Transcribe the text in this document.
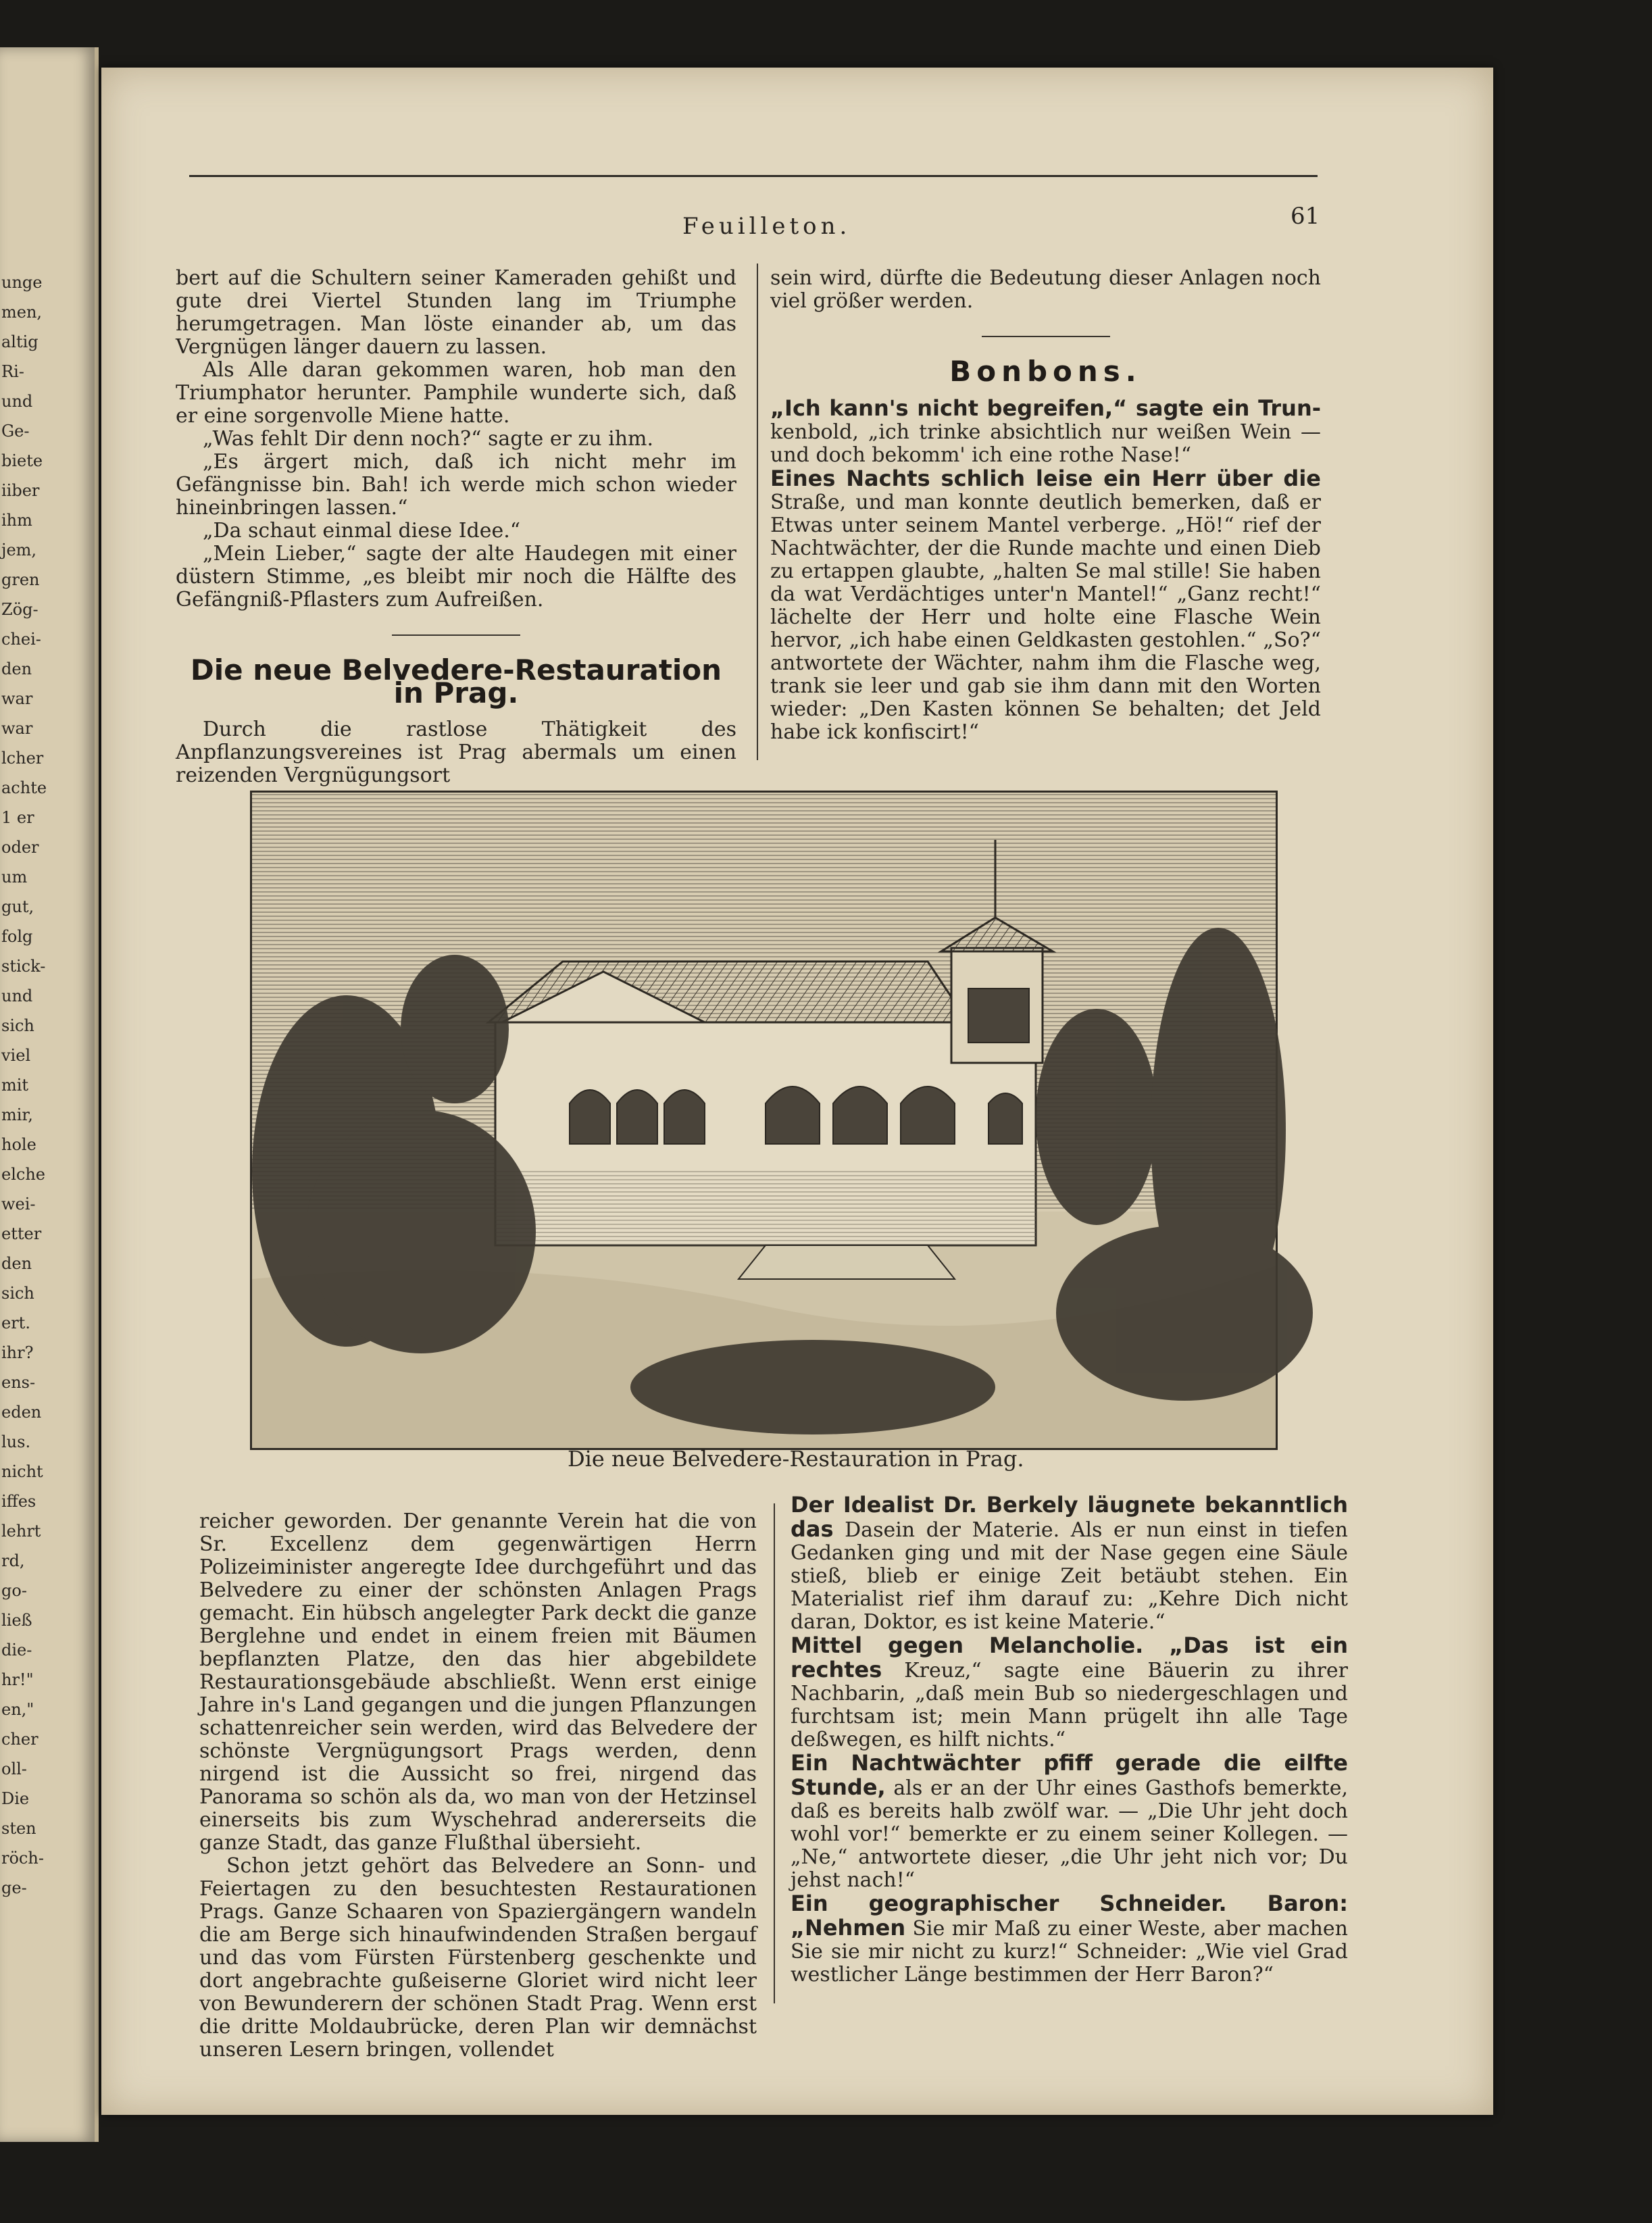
unge
men,
altig
Ri-
und
Ge-
biete
iiber
ihm
jem,
gren
Zög-
chei-
den
war
war
lcher
achte
1 er
oder
um
gut,
folg
stick-
und
sich
viel
mit
mir,
hole
elche
wei-
etter
den
sich
ert.
ihr?
ens-
eden
lus.
nicht
iffes
lehrt
rd,
go-
ließ
die-
hr!"
en,"
cher
oll-
Die
sten
röch-
ge-
Feuilleton.	61

bert auf die Schultern seiner Kameraden gehißt und gute drei Viertel Stunden lang im Triumphe herumgetragen. Man löste einander ab, um das Vergnügen länger dauern zu lassen.

Als Alle daran gekommen waren, hob man den Triumphator herunter. Pamphile wunderte sich, daß er eine sorgenvolle Miene hatte.

„Was fehlt Dir denn noch?“ sagte er zu ihm.

„Es ärgert mich, daß ich nicht mehr im Gefängnisse bin. Bah! ich werde mich schon wieder hineinbringen lassen.“

„Da schaut einmal diese Idee.“

„Mein Lieber,“ sagte der alte Haudegen mit einer düstern Stimme, „es bleibt mir noch die Hälfte des Gefängniß-Pflasters zum Aufreißen.

Die neue Belvedere-Restauration in Prag.

Durch die rastlose Thätigkeit des Anpflanzungsvereines ist Prag abermals um einen reizenden Vergnügungsort

sein wird, dürfte die Bedeutung dieser Anlagen noch viel größer werden.

Bonbons.

„Ich kann's nicht begreifen,“ sagte ein Trun- kenbold, „ich trinke absichtlich nur weißen Wein — und doch bekomm' ich eine rothe Nase!“

Eines Nachts schlich leise ein Herr über die Straße, und man konnte deutlich bemerken, daß er Etwas unter seinem Mantel verberge. „Hö!“ rief der Nachtwächter, der die Runde machte und einen Dieb zu ertappen glaubte, „halten Se mal stille! Sie haben da wat Verdächtiges unter'n Mantel!“ „Ganz recht!“ lächelte der Herr und holte eine Flasche Wein hervor, „ich habe einen Geldkasten gestohlen.“ „So?“ antwortete der Wächter, nahm ihm die Flasche weg, trank sie leer und gab sie ihm dann mit den Worten wieder: „Den Kasten können Se behalten; det Jeld habe ick konfiscirt!“

Die neue Belvedere-Restauration in Prag.

reicher geworden. Der genannte Verein hat die von Sr. Excellenz dem gegenwärtigen Herrn Polizeiminister angeregte Idee durchgeführt und das Belvedere zu einer der schönsten Anlagen Prags gemacht. Ein hübsch angelegter Park deckt die ganze Berglehne und endet in einem freien mit Bäumen bepflanzten Platze, den das hier abgebildete Restaurationsgebäude abschließt. Wenn erst einige Jahre in's Land gegangen und die jungen Pflanzungen schattenreicher sein werden, wird das Belvedere der schönste Vergnügungsort Prags werden, denn nirgend ist die Aussicht so frei, nirgend das Panorama so schön als da, wo man von der Hetzinsel einerseits bis zum Wyschehrad andererseits die ganze Stadt, das ganze Flußthal übersieht.

Schon jetzt gehört das Belvedere an Sonn- und Feiertagen zu den besuchtesten Restaurationen Prags. Ganze Schaaren von Spaziergängern wandeln die am Berge sich hinaufwindenden Straßen bergauf und das vom Fürsten Fürstenberg geschenkte und dort angebrachte gußeiserne Gloriet wird nicht leer von Bewunderern der schönen Stadt Prag. Wenn erst die dritte Moldaubrücke, deren Plan wir demnächst unseren Lesern bringen, vollendet

Der Idealist Dr. Berkely läugnete bekanntlich das Dasein der Materie. Als er nun einst in tiefen Gedanken ging und mit der Nase gegen eine Säule stieß, blieb er einige Zeit betäubt stehen. Ein Materialist rief ihm darauf zu: „Kehre Dich nicht daran, Doktor, es ist keine Materie.“

Mittel gegen Melancholie. „Das ist ein rechtes Kreuz,“ sagte eine Bäuerin zu ihrer Nachbarin, „daß mein Bub so niedergeschlagen und furchtsam ist; mein Mann prügelt ihn alle Tage deßwegen, es hilft nichts.“

Ein Nachtwächter pfiff gerade die eilfte Stunde, als er an der Uhr eines Gasthofs bemerkte, daß es bereits halb zwölf war. — „Die Uhr jeht doch wohl vor!“ bemerkte er zu einem seiner Kollegen. — „Ne,“ antwortete dieser, „die Uhr jeht nich vor; Du jehst nach!“

Ein geographischer Schneider. Baron: „Nehmen Sie mir Maß zu einer Weste, aber machen Sie sie mir nicht zu kurz!“ Schneider: „Wie viel Grad westlicher Länge bestimmen der Herr Baron?“
